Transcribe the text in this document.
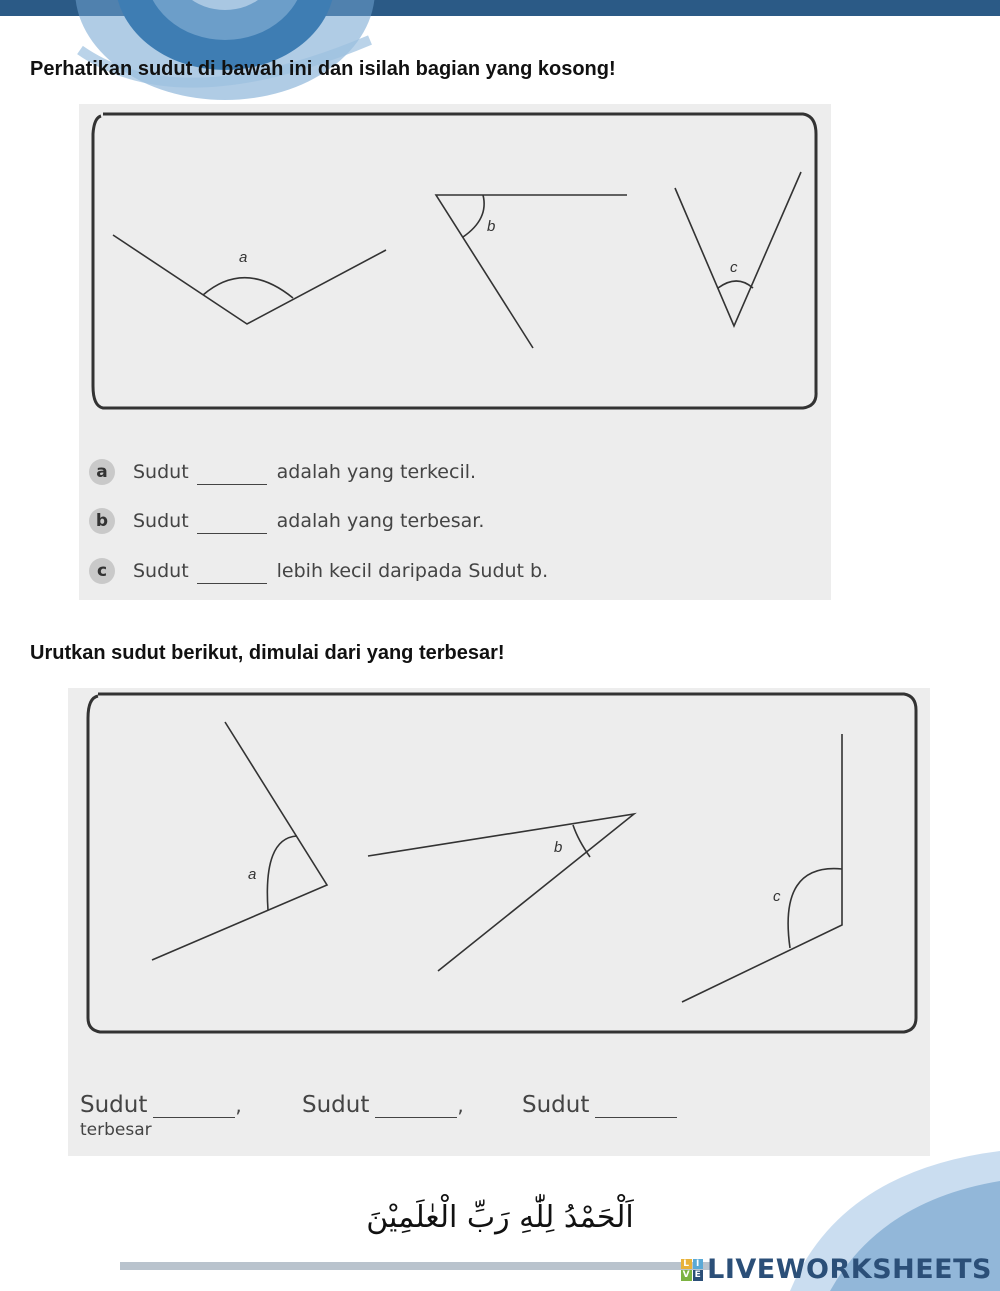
Perhatikan sudut di bawah ini dan isilah bagian yang kosong!
a
b
c
a	Sudut	adalah yang terkecil.
b	Sudut	adalah yang terbesar.
c	Sudut	lebih kecil daripada Sudut b.
Urutkan sudut berikut, dimulai dari yang terbesar!
a
b
c
Sudut	,
terbesar
Sudut	,	Sudut
اَلْحَمْدُ لِلّٰهِ رَبِّ الْعٰلَمِيْنَ
L I
V E LIVEWORKSHEETS
